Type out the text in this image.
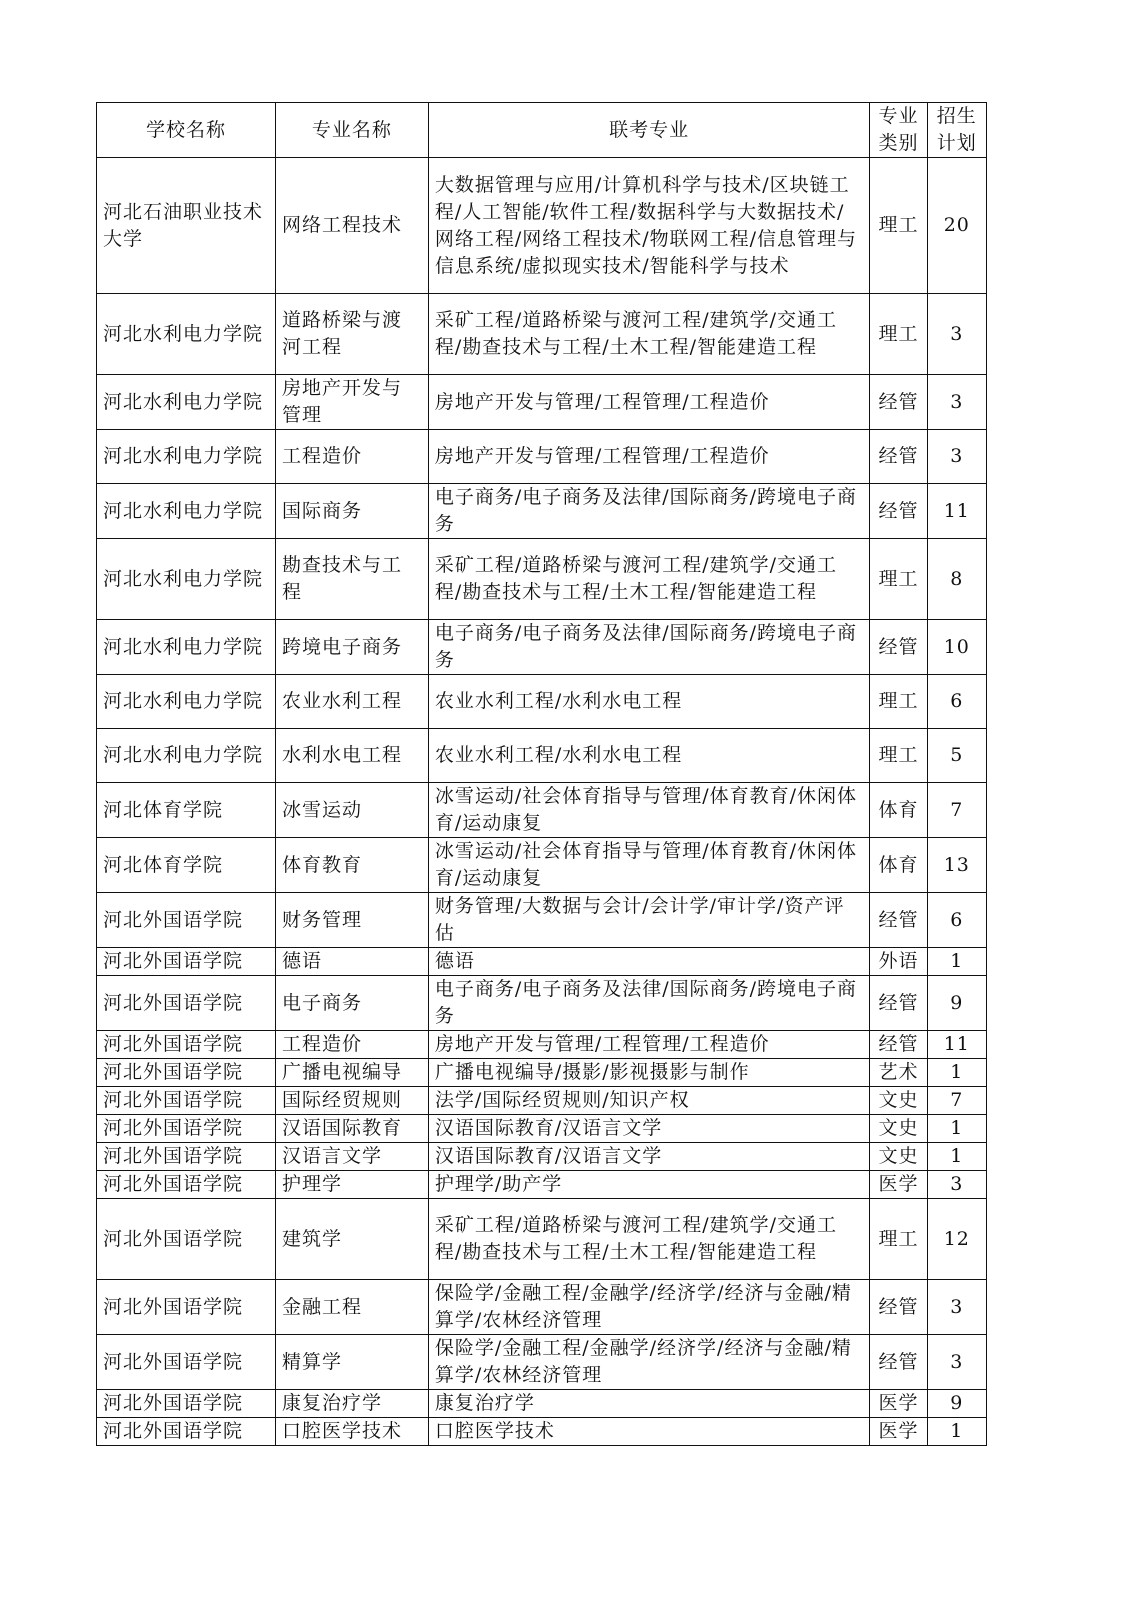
学校名称	专业名称	联考专业	专业类别	招生计划
河北石油职业技术大学	网络工程技术	大数据管理与应用/计算机科学与技术/区块链工程/人工智能/软件工程/数据科学与大数据技术/网络工程/网络工程技术/物联网工程/信息管理与信息系统/虚拟现实技术/智能科学与技术	理工	20
河北水利电力学院	道路桥梁与渡河工程	采矿工程/道路桥梁与渡河工程/建筑学/交通工程/勘查技术与工程/土木工程/智能建造工程	理工	3
河北水利电力学院	房地产开发与管理	房地产开发与管理/工程管理/工程造价	经管	3
河北水利电力学院	工程造价	房地产开发与管理/工程管理/工程造价	经管	3
河北水利电力学院	国际商务	电子商务/电子商务及法律/国际商务/跨境电子商务	经管	11
河北水利电力学院	勘查技术与工程	采矿工程/道路桥梁与渡河工程/建筑学/交通工程/勘查技术与工程/土木工程/智能建造工程	理工	8
河北水利电力学院	跨境电子商务	电子商务/电子商务及法律/国际商务/跨境电子商务	经管	10
河北水利电力学院	农业水利工程	农业水利工程/水利水电工程	理工	6
河北水利电力学院	水利水电工程	农业水利工程/水利水电工程	理工	5
河北体育学院	冰雪运动	冰雪运动/社会体育指导与管理/体育教育/休闲体育/运动康复	体育	7
河北体育学院	体育教育	冰雪运动/社会体育指导与管理/体育教育/休闲体育/运动康复	体育	13
河北外国语学院	财务管理	财务管理/大数据与会计/会计学/审计学/资产评估	经管	6
河北外国语学院	德语	德语	外语	1
河北外国语学院	电子商务	电子商务/电子商务及法律/国际商务/跨境电子商务	经管	9
河北外国语学院	工程造价	房地产开发与管理/工程管理/工程造价	经管	11
河北外国语学院	广播电视编导	广播电视编导/摄影/影视摄影与制作	艺术	1
河北外国语学院	国际经贸规则	法学/国际经贸规则/知识产权	文史	7
河北外国语学院	汉语国际教育	汉语国际教育/汉语言文学	文史	1
河北外国语学院	汉语言文学	汉语国际教育/汉语言文学	文史	1
河北外国语学院	护理学	护理学/助产学	医学	3
河北外国语学院	建筑学	采矿工程/道路桥梁与渡河工程/建筑学/交通工程/勘查技术与工程/土木工程/智能建造工程	理工	12
河北外国语学院	金融工程	保险学/金融工程/金融学/经济学/经济与金融/精算学/农林经济管理	经管	3
河北外国语学院	精算学	保险学/金融工程/金融学/经济学/经济与金融/精算学/农林经济管理	经管	3
河北外国语学院	康复治疗学	康复治疗学	医学	9
河北外国语学院	口腔医学技术	口腔医学技术	医学	1
